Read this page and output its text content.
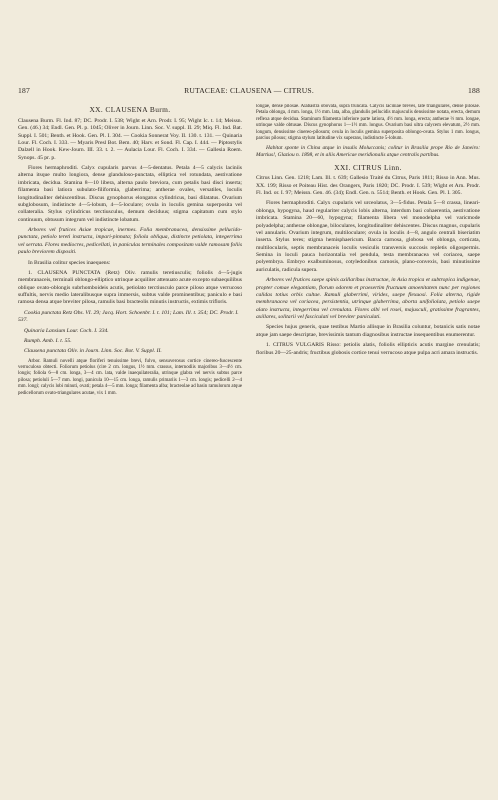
187	RUTACEAE: CLAUSENA — CITRUS.	188
XX. CLAUSENA Burm.

Clausena Burm. Fl. Ind. 87; DC. Prodr. I. 538; Wight et Arn. Prodr. I. 95; Wight Ic. t. 14; Meissn. Gen. (46.) 34; Endl. Gen. Pl. p. 1045; Oliver in Journ. Linn. Soc. V. suppl. II. 29; Miq. Fl. Ind. Bat. Suppl. I. 501; Benth. et Hook. Gen. Pl. I. 304. — Cookia Sonnerat Voy. II. 130. t. 131. — Quinaria Lour. Fl. Coch. I. 333. — Myaris Presl Bot. Bem. 40; Harv. et Sond. Fl. Cap. I. 444. — Piptostylis Dalzell in Hook. Kew-Journ. III. 33. t. 2. — Aulacia Lour. Fl. Coch. I. 334. — Gallesia Roem. Synops. 45 pr. p.

Flores hermaphroditi. Calyx cupularis parvus 4—5-dentatus. Petala 4—5 calycis laciniis alterna itsque multo longiora, dense glanduloso-punctata, elliptica vel rotundata, aestivatione imbricata, decidua. Stamina 8—10 libera, alterna paulo breviora, cum petalis basi disci inserta; filamenta basi latiora subulato-filiformia, glaberrima; antherae ovales, versatiles, loculis longitudinaliter dehiscentibus. Discus gynophorus elongatus cylindricus, basi dilatatus. Ovarium subglobosum, indistincte 4—5-lobum, 4—5-loculare; ovula in loculis gemina superposita vel collateralia. Stylus cylindricus terctiusculus, demum deciduus; stigma capitatum cum stylo continuum, obtusum integrum vel indistincte lobatum.

Arbores vel frutices Asiae tropicae, inermes. Folia membranacea, densissime pellucido-punctata, petiolo tereti instructa, impari-pinnata; foliola obliqua, distincte petiolata, integerrima vel serrata. Flores mediocres, pedicellati, in paniculas terminales compositam valde ramosam foliis paulo breviorem dispositi.

In Brasilia colitur species inaequens:

1. CLAUSENA PUNCTATA (Retz) Oliv. ramulis teretiusculis; foliolis 4—5-jugis membranaceis, terminali oblongo-elliptico utrinque acquiliter attenuato acute excepto subaequilibus oblique ovato-oblongis subrhomboideis acutis, petiolato terctiusculo parce piloso atque verrucoso suffultis, nervis medio lateralibusque supra immersis, subtus valde prominentibus; paniculo e basi ramosa densa atque breviter pilosa, ramulis basi bracteolis minutis instructis, extimis trifloris.

Cookia punctata Retz Obs. VI. 29; Jacq. Hort. Schoenbr. I. t. 101; Lam. Ill. t. 354; DC. Prodr. I. 537.

Quinaria Lansium Lour. Coch. I. 334.

Rumph. Amb. I. t. 55.

Clausena punctata Oliv. in Journ. Linn. Soc. Bot. V. Suppl. II.

Arbor. Ramuli novelli atque floriferi tenuissime brevi, fulvo, sensuverosus cortice cinereo-fuscescente verruculoso obtecti. Foliorum petiolus (cire 2 cm. longus, 1½ mm. crassus, internodiis majoribus 3—4½ cm. longis; foliola 6—8 cm. longa, 3—4 cm. lata, valde inaequilateralia, utrinque glabra vel nervis subtus parce pilosa; petioluli 5—7 mm. longi, panicula 10—15 cm. longa, ramulis primariis 1—3 cm. longis; pedicelli 2—4 mm. longi; calycis lobi minuti, ovati; petala 4—5 mm. longa; filamenta alba; bracteolae ad basin ramulorum atque pedicellorum ovato-triangulares acutae, vix 1 mm.

longae, dense pilosae. Alabastra obovata, supra truncata. Calycis laciniae breves, late triangulares, dense pilosae. Petala oblonga, 4 mm. longa, 1½ mm. lata, alba, glandulis pellucidis majusculis densissime notata, erecta, demum reflexa atque decidua. Staminum filamenta inferiore parte latiora, 4½ mm. longa, erecta; antherae ⅔ mm. longae, utrinque valde obtusae. Discus gynophorus 1—1½ mm. longus. Ovarium basi ultra calycem elevatum, 2½ mm. longum, densissime cinereo-pilosum; ovula in loculis gemina superposita oblongo-ovata. Stylus 1 mm. longus, parcius pilosus; stigma stylum latitudine vix superans, indistincte 5-lobum.

Habitat sponte in China atque in insulis Moluccanis; colitur in Brasilia prope Rio de Janeiro: Martius!, Glaziou n. 1898, et in aliis Americae meridionalis atque centralis partibus.

XXI. CITRUS Linn.

Citrus Linn. Gen. 1218; Lam. Ill. t. 639; Gallesio Traité du Citrus, Paris 1811; Risso in Ann. Mus. XX. 199; Risso et Poiteau Hist. des Orangers, Paris 1820; DC. Prodr. I. 539; Wight et Arn. Prodr. Fl. Ind. or. I. 97; Meissn. Gen. 46. (34); Endl. Gen. n. 5514; Benth. et Hook. Gen. Pl. I. 305.

Flores hermaphroditi. Calyx cupularis vel urceolatus, 3—5-fidus. Petala 5—8 crassa, lineari-oblonga, hypogyna, haud regulariter calycis lobis alterna, interdum basi cohaerentia, aestivatione imbricata. Stamina 20—60, hypogyna; filamenta libera vel monodelpha vel varicmode polyadelpha; antherae oblongae, biloculares, longitudinaliter dehiscentes. Discus magnus, cupularis vel annularis. Ovarium integrum, multiloculare; ovula in loculis 4—8, angulo centrali biseriatim inserta. Stylus teres; stigma hemisphaericum. Bacca carnosa, globosa vel oblonga, corticata, multilocularis, septis membranaceis loculis vesiculis transversis succosis repletis oligospermis. Semina in loculi pauca horizontalia vel pendula, testa membranacea vel coriacea, saepe polyembrya. Embryo exalbuminosus, cotyledonibus carnosis, plano-convexis, basi minutissime auriculatis, radicula supera.

Arbores vel frutices saepe spinis axillaribus instructae, in Asia tropica et subtropica indigenae, propter comae elegantiam, florum odorem et praesertim fructuum amoenitatem nunc per regiones calidas totius orbis cultae. Ramuli glaberrimi, virides, saepe flexuosi. Folia alterna, rigide membranacea vel coriacea, persistentia, utrinque glaberrima, aborta unifoliolata, petiolo saepe alato instructa, integerrima vel crenulata. Flores albi vel rosei, majusculi, gratissime fragrantes, axillares, solitarii vel fasciculati vel breviter paniculati.

Species hujus generis, quae testibus Martio allisque in Brasilia coluntur, botanicis satis notae atque jam saepe descriptae, brevissimis tantum diagnosibus instructae insequentibus enumerentur.

1. CITRUS VULGARIS Risso: petiolis alatis, foliolis ellipticis acutis margine crenulatis; floribus 20—25-andris; fructibus globosis cortice tenui verrucoso atque pulpa acri amara instructis.
